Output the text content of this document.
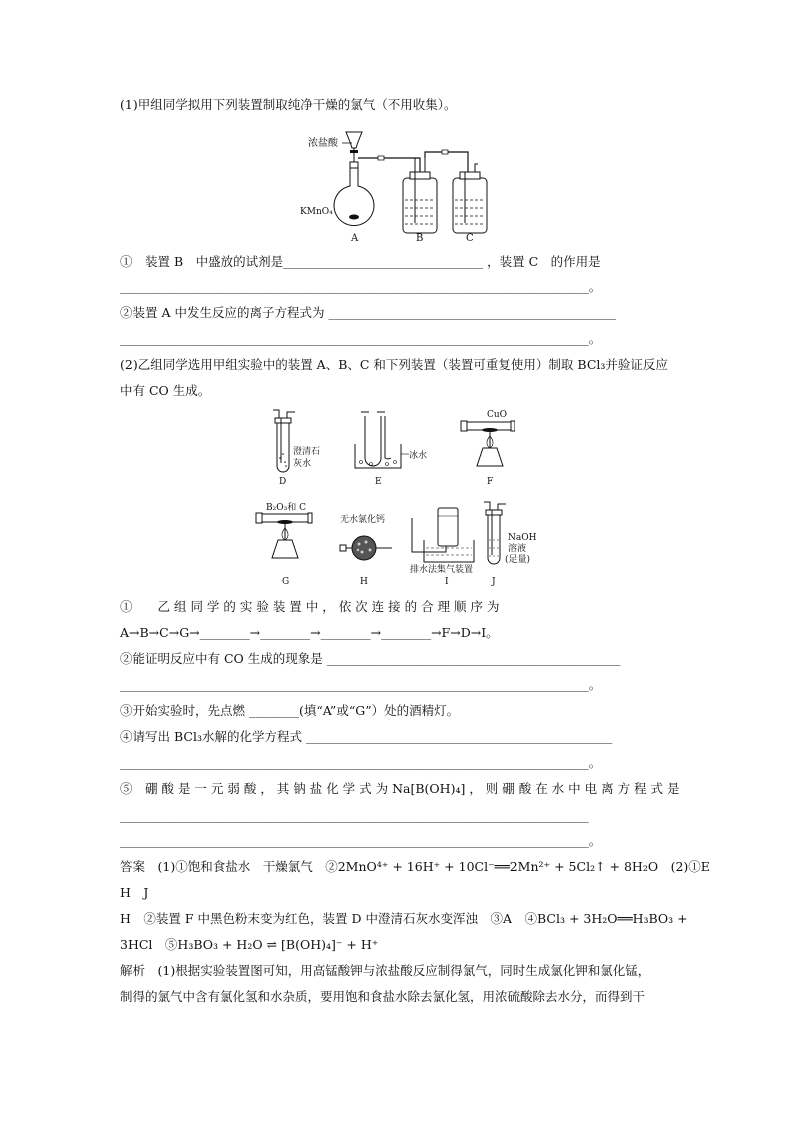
(1)甲组同学拟用下列装置制取纯净干燥的氯气（不用收集）。
浓盐酸
KMnO₄
A	B	C
①　装置 B　中盛放的试剂是________________________________ ，装置 C　的作用是
___________________________________________________________________________。
②装置 A 中发生反应的离子方程式为 ______________________________________________
___________________________________________________________________________。
(2)乙组同学选用甲组实验中的装置 A、B、C 和下列装置（装置可重复使用）制取 BCl₃并验证反应
中有 CO 生成。
澄清石
灰水
D
冰水
E
CuO
F
B₂O₃和 C
G
无水氯化钙
H
排水法集气装置
I
NaOH
溶液
(足量)
J
①　　乙 组 同 学 的 实 验 装 置 中 ， 依 次 连 接 的 合 理 顺 序 为
A→B→C→G→________→________→________→________→F→D→I。
②能证明反应中有 CO 生成的现象是 _______________________________________________
___________________________________________________________________________。
③开始实验时，先点燃 ________(填“A”或“G”）处的酒精灯。
④请写出 BCl₃水解的化学方程式 _________________________________________________
___________________________________________________________________________。
⑤　硼 酸 是 一 元 弱 酸 ， 其 钠 盐 化 学 式 为 Na[B(OH)₄] ， 则 硼 酸 在 水 中 电 离 方 程 式 是
___________________________________________________________________________
___________________________________________________________________________。
答案　(1)①饱和食盐水　干燥氯气　②2MnO⁴⁺ + 16H⁺ + 10Cl⁻══2Mn²⁺ + 5Cl₂↑ + 8H₂O　(2)①E
H　J
H　②装置 F 中黑色粉末变为红色，装置 D 中澄清石灰水变浑浊　③A　④BCl₃ + 3H₂O══H₃BO₃ +
3HCl　⑤H₃BO₃ + H₂O ⇌ [B(OH)₄]⁻ + H⁺
解析　(1)根据实验装置图可知，用高锰酸钾与浓盐酸反应制得氯气，同时生成氯化钾和氯化锰，
制得的氯气中含有氯化氢和水杂质，要用饱和食盐水除去氯化氢，用浓硫酸除去水分，而得到干
